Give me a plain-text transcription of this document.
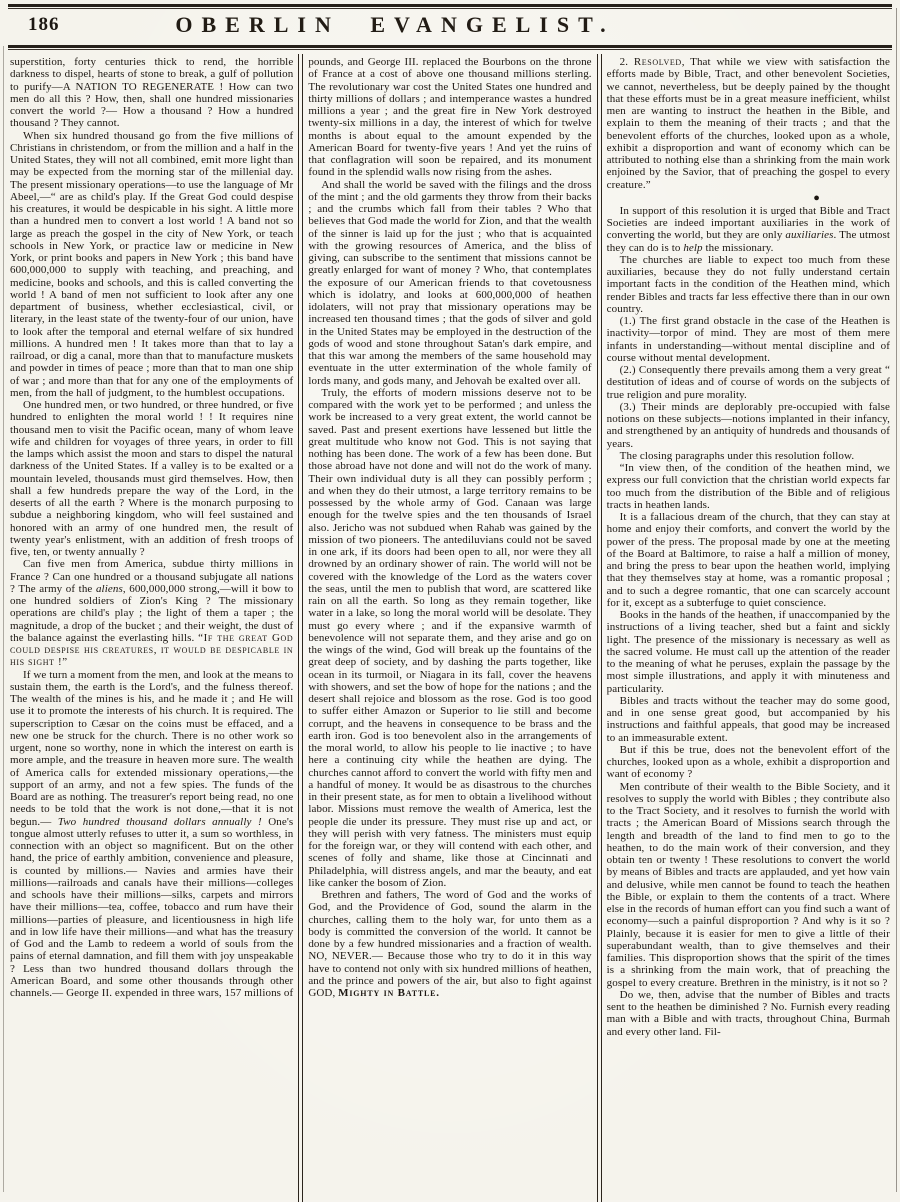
186	OBERLIN EVANGELIST.

superstition, forty centuries thick to rend, the horrible darkness to dispel, hearts of stone to break, a gulf of pollution to purify—A NATION TO REGENERATE ! How can two men do all this ? How, then, shall one hundred missionaries convert the world ?— How a thousand ? How a hundred thousand ? They cannot.

When six hundred thousand go from the five millions of Christians in christendom, or from the million and a half in the United States, they will not all combined, emit more light than may be expected from the morning star of the millenial day. The present missionary operations—to use the language of Mr Abeel,—“ are as child's play. If the Great God could despise his creatures, it would be despicable in his sight. A little more than a hundred men to convert a lost world ! A band not so large as preach the gospel in the city of New York, or teach schools in New York, or practice law or medicine in New York, or print books and papers in New York ; this band have 600,000,000 to supply with teaching, and preaching, and medicine, books and schools, and this is called converting the world ! A band of men not sufficient to look after any one department of business, whether ecclesiastical, civil, or literary, in the least state of the twenty-four of our union, have to look after the temporal and eternal welfare of six hundred millions. A hundred men ! It takes more than that to lay a railroad, or dig a canal, more than that to manufacture muskets and powder in times of peace ; more than that to man one ship of war ; and more than that for any one of the employments of men, from the hall of judgment, to the humblest occupations.

One hundred men, or two hundred, or three hundred, or five hundred to enlighten the moral world ! ! It requires nine thousand men to visit the Pacific ocean, many of whom leave wife and children for voyages of three years, in order to fill the lamps which assist the moon and stars to dispel the natural darkness of the United States. If a valley is to be exalted or a mountain leveled, thousands must gird themselves. How, then shall a few hundreds prepare the way of the Lord, in the deserts of all the earth ? Where is the monarch purposing to subdue a neighboring kingdom, who will feel sustained and honored with an army of one hundred men, the result of twenty year's enlistment, with an addition of fresh troops of five, ten, or twenty annually ?

Can five men from America, subdue thirty millions in France ? Can one hundred or a thousand subjugate all nations ? The army of the aliens, 600,000,000 strong,—will it bow to one hundred soldiers of Zion's King ? The missionary operations are child's play ; the light of them a taper ; the magnitude, a drop of the bucket ; and their weight, the dust of the balance against the everlasting hills. “If the great God could despise his creatures, it would be despicable in his sight !”

If we turn a moment from the men, and look at the means to sustain them, the earth is the Lord's, and the fulness thereof. The wealth of the mines is his, and he made it ; and He will use it to promote the interests of his church. It is required. The superscription to Cæsar on the coins must be effaced, and a new one be struck for the church. There is no other work so urgent, none so worthy, none in which the interest on earth is more ample, and the treasure in heaven more sure. The wealth of America calls for extended missionary operations,—the support of an army, and not a few spies. The funds of the Board are as nothing. The treasurer's report being read, no one needs to be told that the work is not done,—that it is not begun.— Two hundred thousand dollars annually ! One's tongue almost utterly refuses to utter it, a sum so worthless, in connection with an object so magnificent. But on the other hand, the price of earthly ambition, convenience and pleasure, is counted by millions.— Navies and armies have their millions—railroads and canals have their millions—colleges and schools have their millions—silks, carpets and mirrors have their millions—tea, coffee, tobacco and rum have their millions—parties of pleasure, and licentiousness in high life and in low life have their millions—and what has the treasury of God and the Lamb to redeem a world of souls from the pains of eternal damnation, and fill them with joy unspeakable ? Less than two hundred thousand dollars through the American Board, and some other thousands through other channels.— George II. expended in three wars, 157 millions of

pounds, and George III. replaced the Bourbons on the throne of France at a cost of above one thousand millions sterling. The revolutionary war cost the United States one hundred and thirty millions of dollars ; and intemperance wastes a hundred millions a year ; and the great fire in New York destroyed twenty-six millions in a day, the interest of which for twelve months is about equal to the amount expended by the American Board for twenty-five years ! And yet the ruins of that conflagration will soon be repaired, and its monument found in the splendid walls now rising from the ashes.

And shall the world be saved with the filings and the dross of the mint ; and the old garments they throw from their backs ; and the crumbs which fall from their tables ? Who that believes that God made the world for Zion, and that the wealth of the sinner is laid up for the just ; who that is acquainted with the growing resources of America, and the bliss of giving, can subscribe to the sentiment that missions cannot be greatly enlarged for want of money ? Who, that contemplates the exposure of our American friends to that covetousness which is idolatry, and looks at 600,000,000 of heathen idolaters, will not pray that missionary operations may be increased ten thousand times ; that the gods of silver and gold in the United States may be employed in the destruction of the gods of wood and stone throughout Satan's dark empire, and that this war among the members of the same household may eventuate in the utter extermination of the whole family of lords many, and gods many, and Jehovah be exalted over all.

Truly, the efforts of modern missions deserve not to be compared with the work yet to be performed ; and unless the work be increased to a very great extent, the world cannot be saved. Past and present exertions have lessened but little the great multitude who know not God. This is not saying that nothing has been done. The work of a few has been done. But those abroad have not done and will not do the work of many. Their own individual duty is all they can possibly perform ; and when they do their utmost, a large territory remains to be possessed by the whole army of God. Canaan was large enough for the twelve spies and the ten thousands of Israel also. Jericho was not subdued when Rahab was gained by the mission of two pioneers. The antediluvians could not be saved in one ark, if its doors had been open to all, nor were they all drowned by an ordinary shower of rain. The world will not be covered with the knowledge of the Lord as the waters cover the seas, until the men to publish that word, are scattered like rain on all the earth. So long as they remain together, like water in a lake, so long the moral world will be desolate. They must go every where ; and if the expansive warmth of benevolence will not separate them, and they arise and go on the wings of the wind, God will break up the fountains of the great deep of society, and by dashing the parts together, like ocean in its turmoil, or Niagara in its fall, cover the heavens with showers, and set the bow of hope for the nations ; and the desert shall rejoice and blossom as the rose. God is too good to suffer either Amazon or Superior to lie still and become corrupt, and the heavens in consequence to be brass and the earth iron. God is too benevolent also in the arrangements of the moral world, to allow his people to lie inactive ; to have here a continuing city while the heathen are dying. The churches cannot afford to convert the world with fifty men and a handful of money. It would be as disastrous to the churches in their present state, as for men to obtain a livelihood without labor. Missions must remove the wealth of America, lest the people die under its pressure. They must rise up and act, or they will perish with very fatness. The ministers must equip for the foreign war, or they will contend with each other, and scenes of folly and shame, like those at Cincinnati and Philadelphia, will distress angels, and mar the beauty, and eat like canker the bosom of Zion.

Brethren and fathers, The word of God and the works of God, and the Providence of God, sound the alarm in the churches, calling them to the holy war, for unto them as a body is committed the conversion of the world. It cannot be done by a few hundred missionaries and a fraction of wealth. NO, NEVER.— Because those who try to do it in this way have to contend not only with six hundred millions of heathen, and the prince and powers of the air, but also to fight against GOD, Mighty in Battle.

2. Resolved, That while we view with satisfaction the efforts made by Bible, Tract, and other benevolent Societies, we cannot, nevertheless, but be deeply pained by the thought that these efforts must be in a great measure inefficient, whilst men are wanting to instruct the heathen in the Bible, and explain to them the meaning of their tracts ; and that the benevolent efforts of the churches, looked upon as a whole, exhibit a disproportion and want of economy which can be attributed to nothing else than a shrinking from the main work enjoined by the Savior, that of preaching the gospel to every creature.”

●

In support of this resolution it is urged that Bible and Tract Societies are indeed important auxiliaries in the work of converting the world, but they are only auxiliaries. The utmost they can do is to help the missionary.

The churches are liable to expect too much from these auxiliaries, because they do not fully understand certain important facts in the condition of the Heathen mind, which render Bibles and tracts far less effective there than in our own country.

(1.) The first grand obstacle in the case of the Heathen is inactivity—torpor of mind. They are most of them mere infants in understanding—without mental discipline and of course without mental development.

(2.) Consequently there prevails among them a very great “ destitution of ideas and of course of words on the subjects of true religion and pure morality.

(3.) Their minds are deplorably pre-occupied with false notions on these subjects—notions implanted in their infancy, and strengthened by an antiquity of hundreds and thousands of years.

The closing paragraphs under this resolution follow.

“In view then, of the condition of the heathen mind, we express our full conviction that the christian world expects far too much from the distribution of the Bible and of religious tracts in heathen lands.

It is a fallacious dream of the church, that they can stay at home and enjoy their comforts, and convert the world by the power of the press. The proposal made by one at the meeting of the Board at Baltimore, to raise a half a million of money, and bring the press to bear upon the heathen world, implying that they themselves stay at home, was a romantic proposal ; and to such a degree romantic, that one can scarcely account for it, except as a subterfuge to quiet conscience.

Books in the hands of the heathen, if unaccompanied by the instructions of a living teacher, shed but a faint and sickly light. The presence of the missionary is necessary as well as the sacred volume. He must call up the attention of the reader to the meaning of what he peruses, explain the passage by the most simple illustrations, and apply it with minuteness and particularity.

Bibles and tracts without the teacher may do some good, and in one sense great good, but accompanied by his instructions and faithful appeals, that good may be increased to an immeasurable extent.

But if this be true, does not the benevolent effort of the churches, looked upon as a whole, exhibit a disproportion and want of economy ?

Men contribute of their wealth to the Bible Society, and it resolves to supply the world with Bibles ; they contribute also to the Tract Society, and it resolves to furnish the world with tracts ; the American Board of Missions search through the length and breadth of the land to find men to go to the heathen, to do the main work of their conversion, and they obtain ten or twenty ! These resolutions to convert the world by means of Bibles and tracts are applauded, and yet how vain and delusive, while men cannot be found to teach the heathen the Bible, or explain to them the contents of a tract. Where else in the records of human effort can you find such a want of economy—such a painful disproportion ? And why is it so ? Plainly, because it is easier for men to give a little of their superabundant wealth, than to give themselves and their families. This disproportion shows that the spirit of the times is a shrinking from the main work, that of preaching the gospel to every creature. Brethren in the ministry, is it not so ?

Do we, then, advise that the number of Bibles and tracts sent to the heathen be diminished ? No. Furnish every reading man with a Bible and with tracts, throughout China, Burmah and every other land. Fil-
